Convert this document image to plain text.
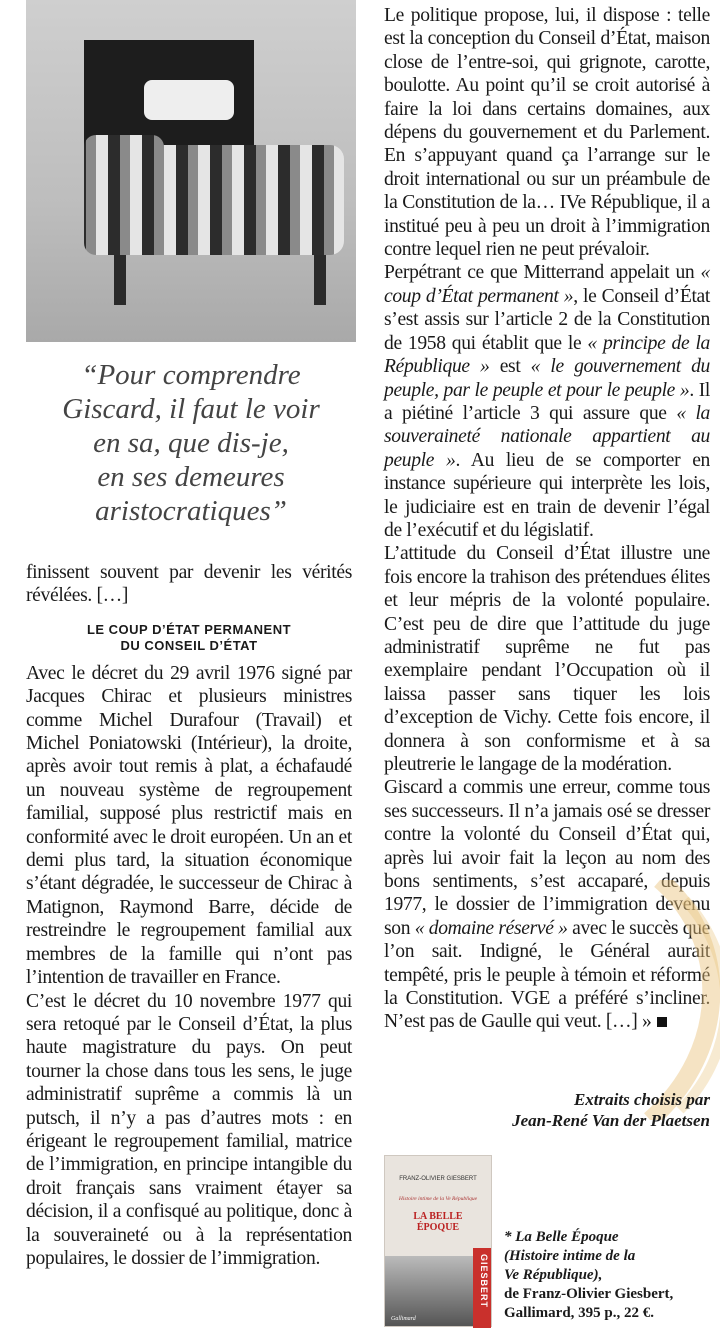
“Pour comprendre
Giscard, il faut le voir
en sa, que dis-je,
en ses demeures
aristocratiques”

finissent souvent par devenir les vérités révélées. […]

LE COUP D’ÉTAT PERMANENT
DU CONSEIL D’ÉTAT

Avec le décret du 29 avril 1976 signé par Jacques Chirac et plusieurs ministres comme Michel Durafour (Travail) et Michel Poniatowski (Intérieur), la droite, après avoir tout remis à plat, a échafaudé un nouveau système de regroupement familial, supposé plus restrictif mais en conformité avec le droit européen. Un an et demi plus tard, la situation économique s’étant dégradée, le successeur de Chirac à Matignon, Raymond Barre, décide de restreindre le regroupement familial aux membres de la famille qui n’ont pas l’intention de travailler en France.

C’est le décret du 10 novembre 1977 qui sera retoqué par le Conseil d’État, la plus haute magistrature du pays. On peut tourner la chose dans tous les sens, le juge administratif suprême a commis là un putsch, il n’y a pas d’autres mots : en érigeant le regroupement familial, matrice de l’immigration, en principe intangible du droit français sans vraiment étayer sa décision, il a confisqué au politique, donc à la souveraineté ou à la représentation populaires, le dossier de l’immigration.

Le politique propose, lui, il dispose : telle est la conception du Conseil d’État, maison close de l’entre-soi, qui grignote, carotte, boulotte. Au point qu’il se croit autorisé à faire la loi dans certains domaines, aux dépens du gouvernement et du Parlement. En s’appuyant quand ça l’arrange sur le droit international ou sur un préambule de la Constitution de la… IVe République, il a institué peu à peu un droit à l’immigration contre lequel rien ne peut prévaloir.

Perpétrant ce que Mitterrand appelait un « coup d’État permanent », le Conseil d’État s’est assis sur l’article 2 de la Constitution de 1958 qui établit que le « principe de la République » est « le gouvernement du peuple, par le peuple et pour le peuple ». Il a piétiné l’article 3 qui assure que « la souveraineté nationale appartient au peuple ». Au lieu de se comporter en instance supérieure qui interprète les lois, le judiciaire est en train de devenir l’égal de l’exécutif et du législatif.

L’attitude du Conseil d’État illustre une fois encore la trahison des prétendues élites et leur mépris de la volonté populaire. C’est peu de dire que l’attitude du juge administratif suprême ne fut pas exemplaire pendant l’Occupation où il laissa passer sans tiquer les lois d’exception de Vichy. Cette fois encore, il donnera à son conformisme et à sa pleutrerie le langage de la modération.

Giscard a commis une erreur, comme tous ses successeurs. Il n’a jamais osé se dresser contre la volonté du Conseil d’État qui, après lui avoir fait la leçon au nom des bons sentiments, s’est accaparé, depuis 1977, le dossier de l’immigration devenu son « domaine réservé » avec le succès que l’on sait. Indigné, le Général aurait tempêté, pris le peuple à témoin et réformé la Constitution. VGE a préféré s’incliner. N’est pas de Gaulle qui veut. […] »

Extraits choisis par
Jean-René Van der Plaetsen
FRANZ-OLIVIER GIESBERT
Histoire intime de la Ve République
LA BELLE
ÉPOQUE
GIESBERT
Gallimard
* La Belle Époque
(Histoire intime de la
Ve République),
de Franz-Olivier Giesbert,
Gallimard, 395 p., 22 €.
